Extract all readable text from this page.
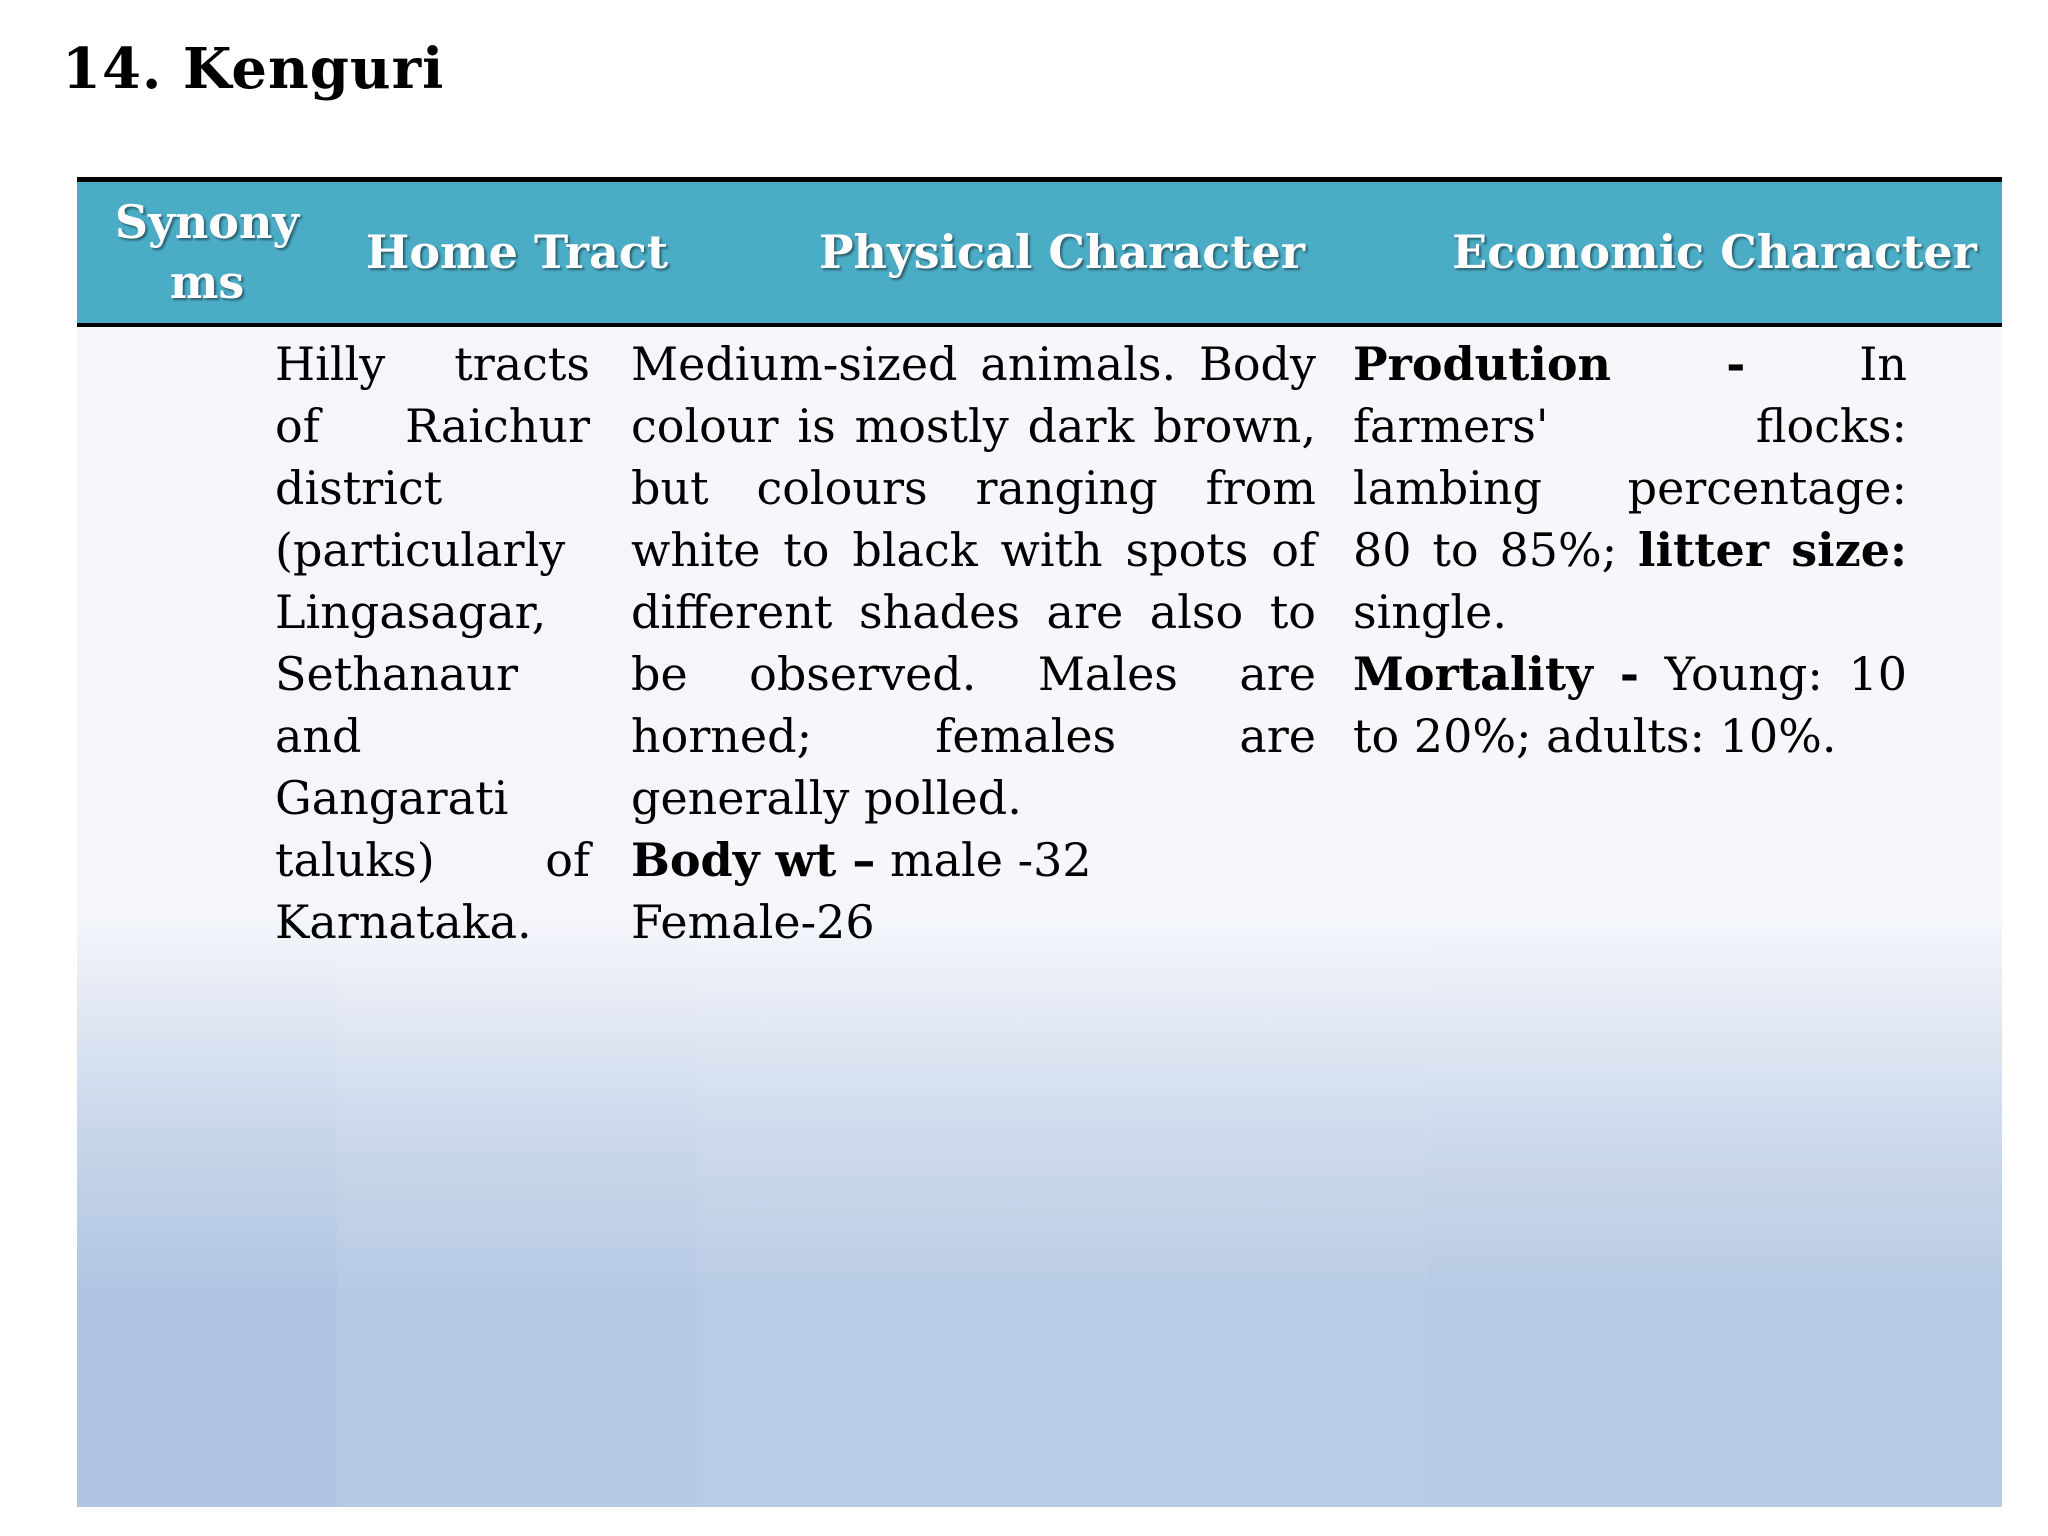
14. Kenguri
Synony ms
Home Tract	Physical Character	Economic Character
Hilly tracts of Raichur district (particularly Lingasagar, Sethanaur and Gangarati taluks) of Karnataka.
Medium-sized animals. Body colour is mostly dark brown, but colours ranging from white to black with spots of different shades are also to be observed. Males are horned; females are generally polled.
Body wt – male -32
Female-26
Prodution - In farmers' flocks: lambing percentage: 80 to 85%; litter size: single.
Mortality - Young: 10 to 20%; adults: 10%.
